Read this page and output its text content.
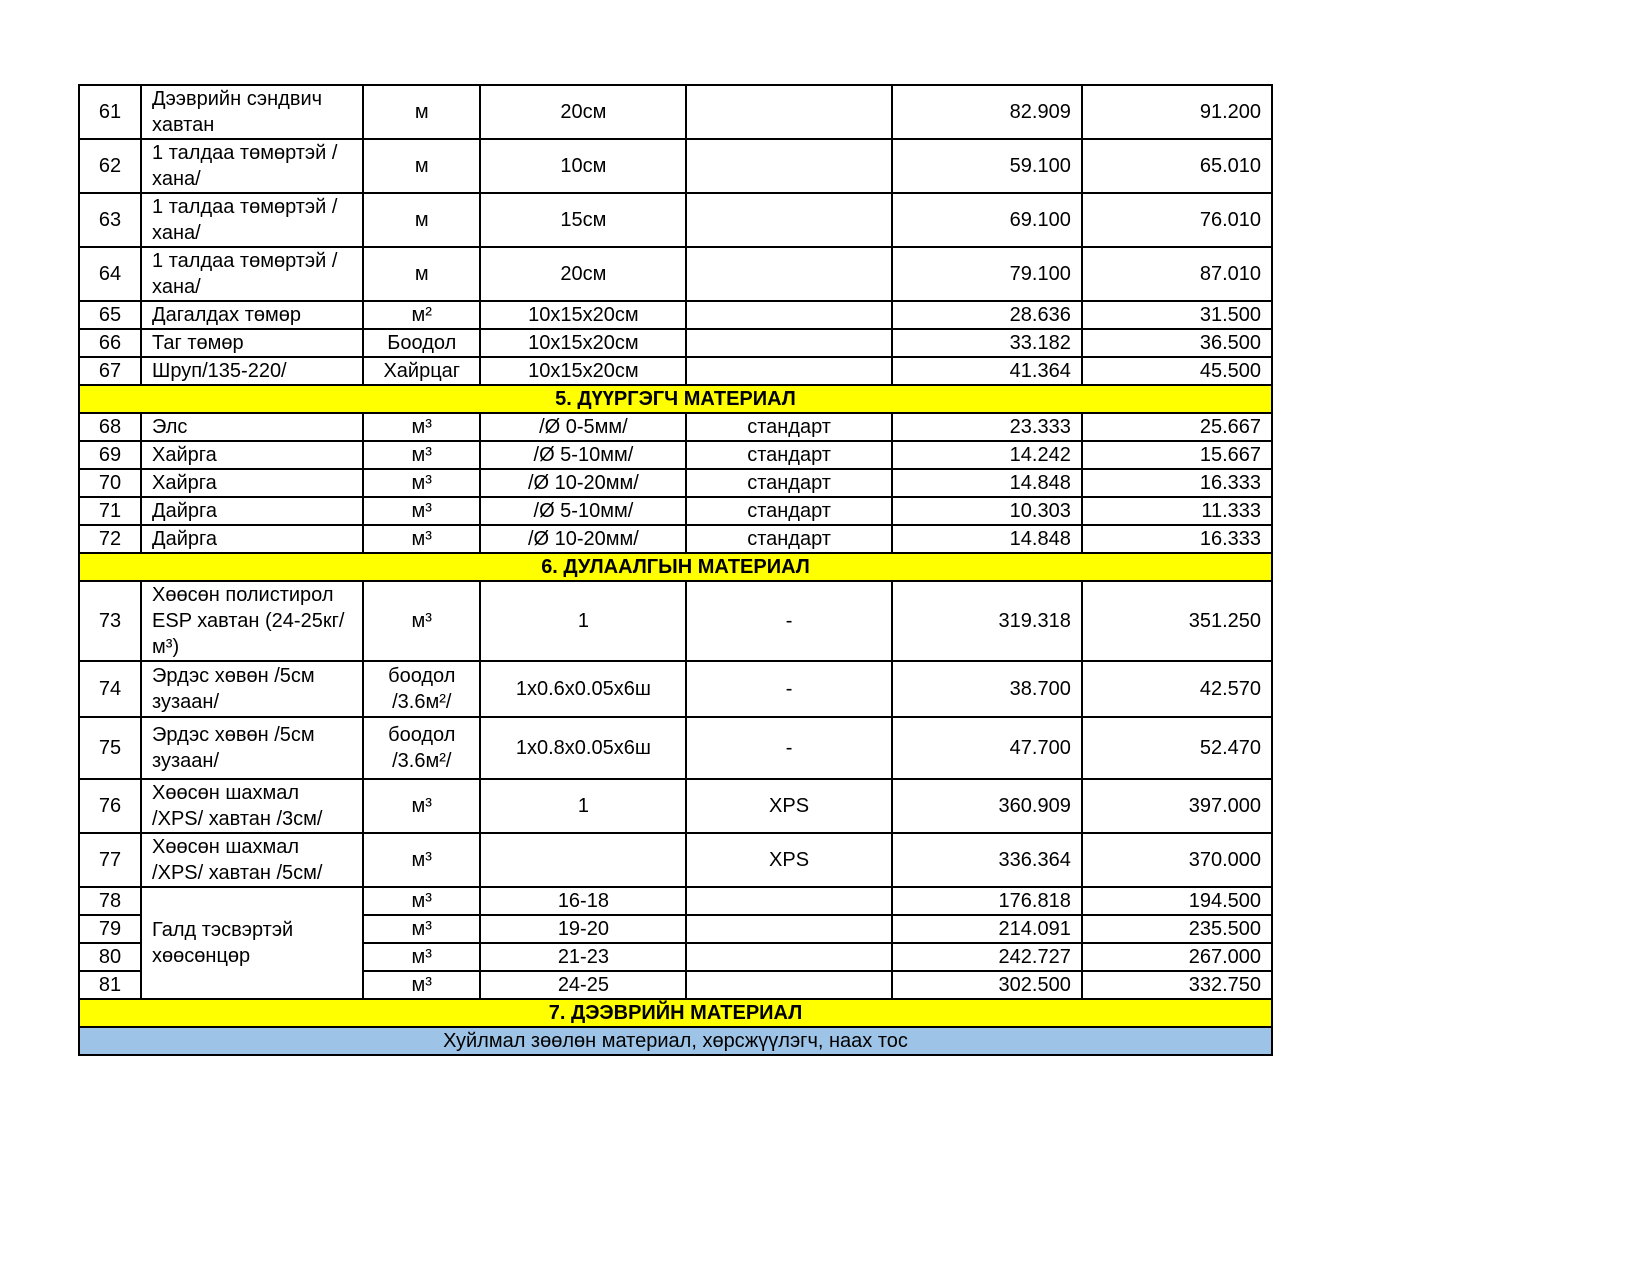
61	Дээврийн сэндвич хавтан	м	20см		82.909	91.200
62	1 талдаа төмөртэй /хана/	м	10см		59.100	65.010
63	1 талдаа төмөртэй /хана/	м	15см		69.100	76.010
64	1 талдаа төмөртэй /хана/	м	20см		79.100	87.010
65	Дагалдах төмөр	м²	10x15x20см		28.636	31.500
66	Таг төмөр	Боодол	10x15x20см		33.182	36.500
67	Шруп/135-220/	Хайрцаг	10x15x20см		41.364	45.500
5. ДҮҮРГЭГЧ МАТЕРИАЛ						
68	Элс	м³	/Ø 0-5мм/	стандарт	23.333	25.667
69	Хайрга	м³	/Ø 5-10мм/	стандарт	14.242	15.667
70	Хайрга	м³	/Ø 10-20мм/	стандарт	14.848	16.333
71	Дайрга	м³	/Ø 5-10мм/	стандарт	10.303	11.333
72	Дайрга	м³	/Ø 10-20мм/	стандарт	14.848	16.333
6. ДУЛААЛГЫН МАТЕРИАЛ						
73	Хөөсөн полистирол ESP хавтан (24-25кг/м³)	м³	1	-	319.318	351.250
74	Эрдэс хөвөн /5см зузаан/	боодол /3.6м²/	1x0.6x0.05x6ш	-	38.700	42.570
75	Эрдэс хөвөн /5см зузаан/	боодол /3.6м²/	1x0.8x0.05x6ш	-	47.700	52.470
76	Хөөсөн шахмал /XPS/ хавтан /3см/	м³	1	XPS	360.909	397.000
77	Хөөсөн шахмал /XPS/ хавтан /5см/	м³		XPS	336.364	370.000
78	Галд тэсвэртэй хөөсөнцөр	м³	16-18		176.818	194.500
79		м³	19-20		214.091	235.500
80		м³	21-23		242.727	267.000
81		м³	24-25		302.500	332.750
7. ДЭЭВРИЙН МАТЕРИАЛ						
Хуйлмал зөөлөн материал, хөрсжүүлэгч, наах тос						
